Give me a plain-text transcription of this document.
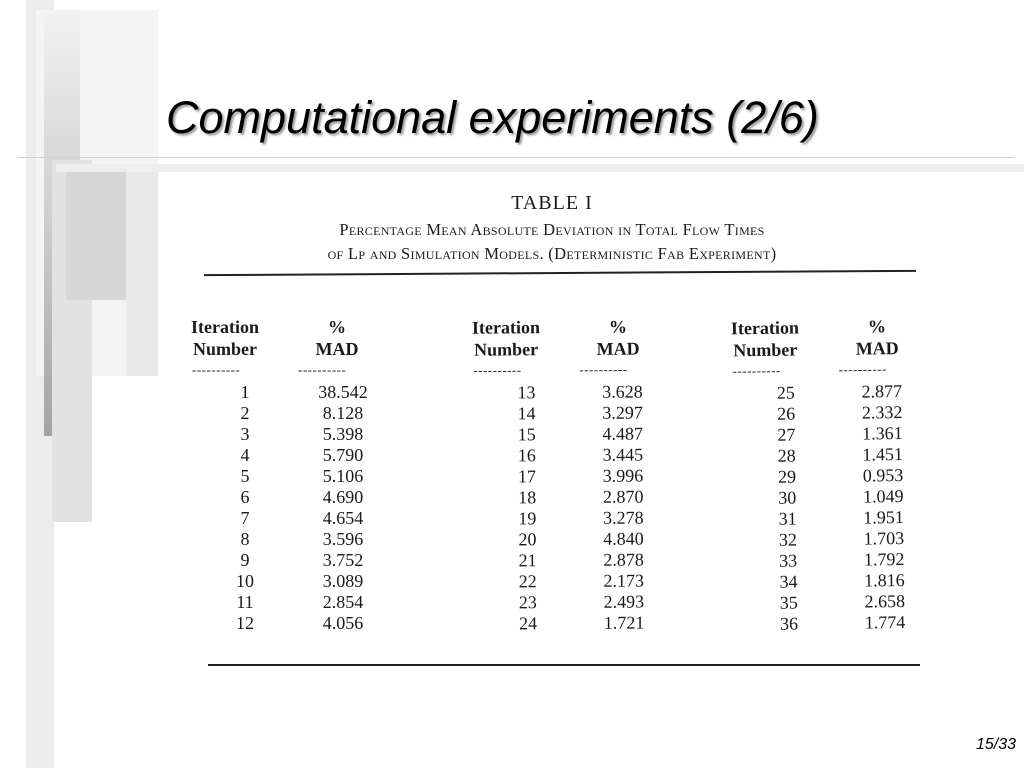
Computational experiments (2/6)
TABLE I
Percentage Mean Absolute Deviation in Total Flow Times
of Lp and Simulation Models. (Deterministic Fab Experiment)
Iteration
Number
%
MAD
----------	----------
1	38.542
2	8.128
3	5.398
4	5.790
5	5.106
6	4.690
7	4.654
8	3.596
9	3.752
10	3.089
11	2.854
12	4.056
Iteration
Number
%
MAD
----------	----------
13	3.628
14	3.297
15	4.487
16	3.445
17	3.996
18	2.870
19	3.278
20	4.840
21	2.878
22	2.173
23	2.493
24	1.721
Iteration
Number
%
MAD
----------	----------
25	2.877
26	2.332
27	1.361
28	1.451
29	0.953
30	1.049
31	1.951
32	1.703
33	1.792
34	1.816
35	2.658
36	1.774
15/33
